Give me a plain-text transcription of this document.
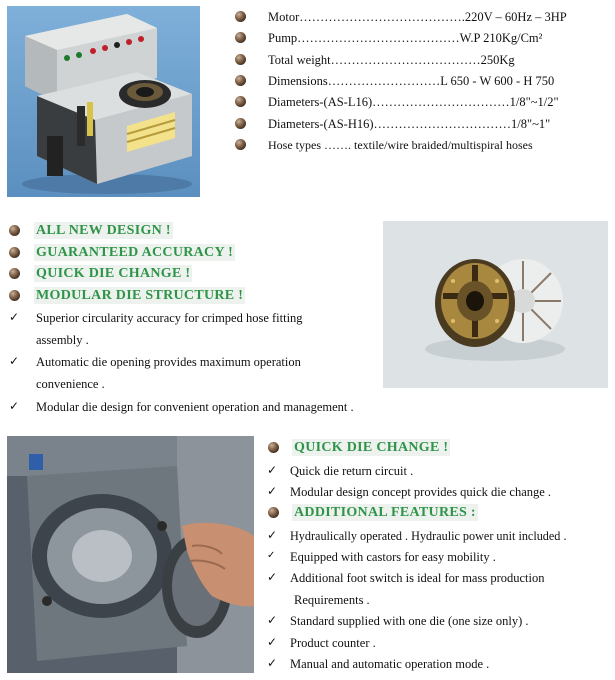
Motor………………………………….220V – 60Hz – 3HP
Pump…………………………………W.P 210Kg/Cm²
Total weight………………………………250Kg
Dimensions………………………L 650 - W 600 - H 750
Diameters-(AS-L16)……………………………1/8"~1/2"
Diameters-(AS-H16)……………………………1/8"~1"
Hose types ……. textile/wire braided/multispiral hoses
ALL NEW DESIGN !
GUARANTEED ACCURACY !
QUICK DIE CHANGE !
MODULAR DIE STRUCTURE !
✓ Superior circularity accuracy for crimped hose fitting
assembly .
✓ Automatic die opening provides maximum operation
convenience .
✓ Modular die design for convenient operation and management .
QUICK DIE CHANGE !
✓ Quick die return circuit .
✓ Modular design concept provides quick die change .
ADDITIONAL FEATURES :
✓ Hydraulically operated . Hydraulic power unit included .
✓ Equipped with castors for easy mobility .
✓ Additional foot switch is ideal for mass production
Requirements .
✓ Standard supplied with one die (one size only) .
✓ Product counter .
✓ Manual and automatic operation mode .
